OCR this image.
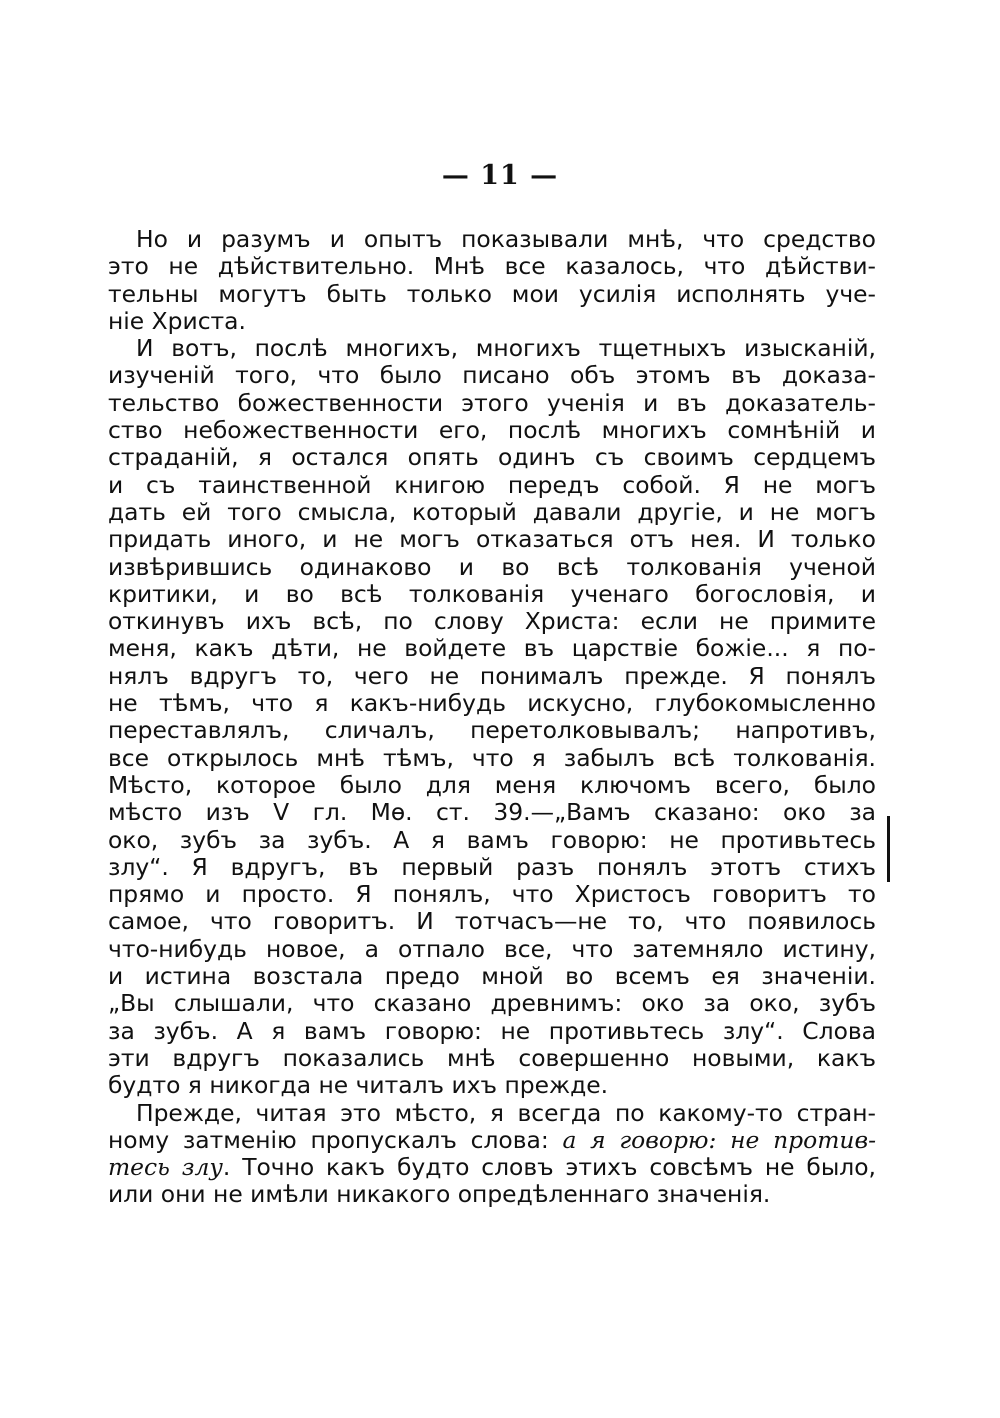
— 11 —
Но и разумъ и опытъ показывали мнѣ, что средство
это не дѣйствительно. Мнѣ все казалось, что дѣйстви-
тельны могутъ быть только мои усилія исполнять уче-
ніе Христа.
И вотъ, послѣ многихъ, многихъ тщетныхъ изысканій,
изученій того, что было писано объ этомъ въ доказа-
тельство божественности этого ученія и въ доказатель-
ство небожественности его, послѣ многихъ сомнѣній и
страданій, я остался опять одинъ съ своимъ сердцемъ
и съ таинственной книгою передъ собой. Я не могъ
дать ей того смысла, который давали другіе, и не могъ
придать иного, и не могъ отказаться отъ нея. И только
извѣрившись одинаково и во всѣ толкованія ученой
критики, и во всѣ толкованія ученаго богословія, и
откинувъ ихъ всѣ, по слову Христа: если не примите
меня, какъ дѣти, не войдете въ царствіе божіе... я по-
нялъ вдругъ то, чего не понималъ прежде. Я понялъ
не тѣмъ, что я какъ-нибудь искусно, глубокомысленно
переставлялъ, сличалъ, перетолковывалъ; напротивъ,
все открылось мнѣ тѣмъ, что я забылъ всѣ толкованія.
Мѣсто, которое было для меня ключомъ всего, было
мѣсто изъ V гл. Мѳ. ст. 39.—„Вамъ сказано: око за
око, зубъ за зубъ. А я вамъ говорю: не противьтесь
злу“. Я вдругъ, въ первый разъ понялъ этотъ стихъ
прямо и просто. Я понялъ, что Христосъ говоритъ то
самое, что говоритъ. И тотчасъ—не то, что появилось
что-нибудь новое, а отпало все, что затемняло истину,
и истина возстала предо мной во всемъ ея значеніи.
„Вы слышали, что сказано древнимъ: око за око, зубъ
за зубъ. А я вамъ говорю: не противьтесь злу“. Слова
эти вдругъ показались мнѣ совершенно новыми, какъ
будто я никогда не читалъ ихъ прежде.
Прежде, читая это мѣсто, я всегда по какому-то стран-
ному затменію пропускалъ слова: а я говорю: не против-
тесь злу. Точно какъ будто словъ этихъ совсѣмъ не было,
или они не имѣли никакого опредѣленнаго значенія.
